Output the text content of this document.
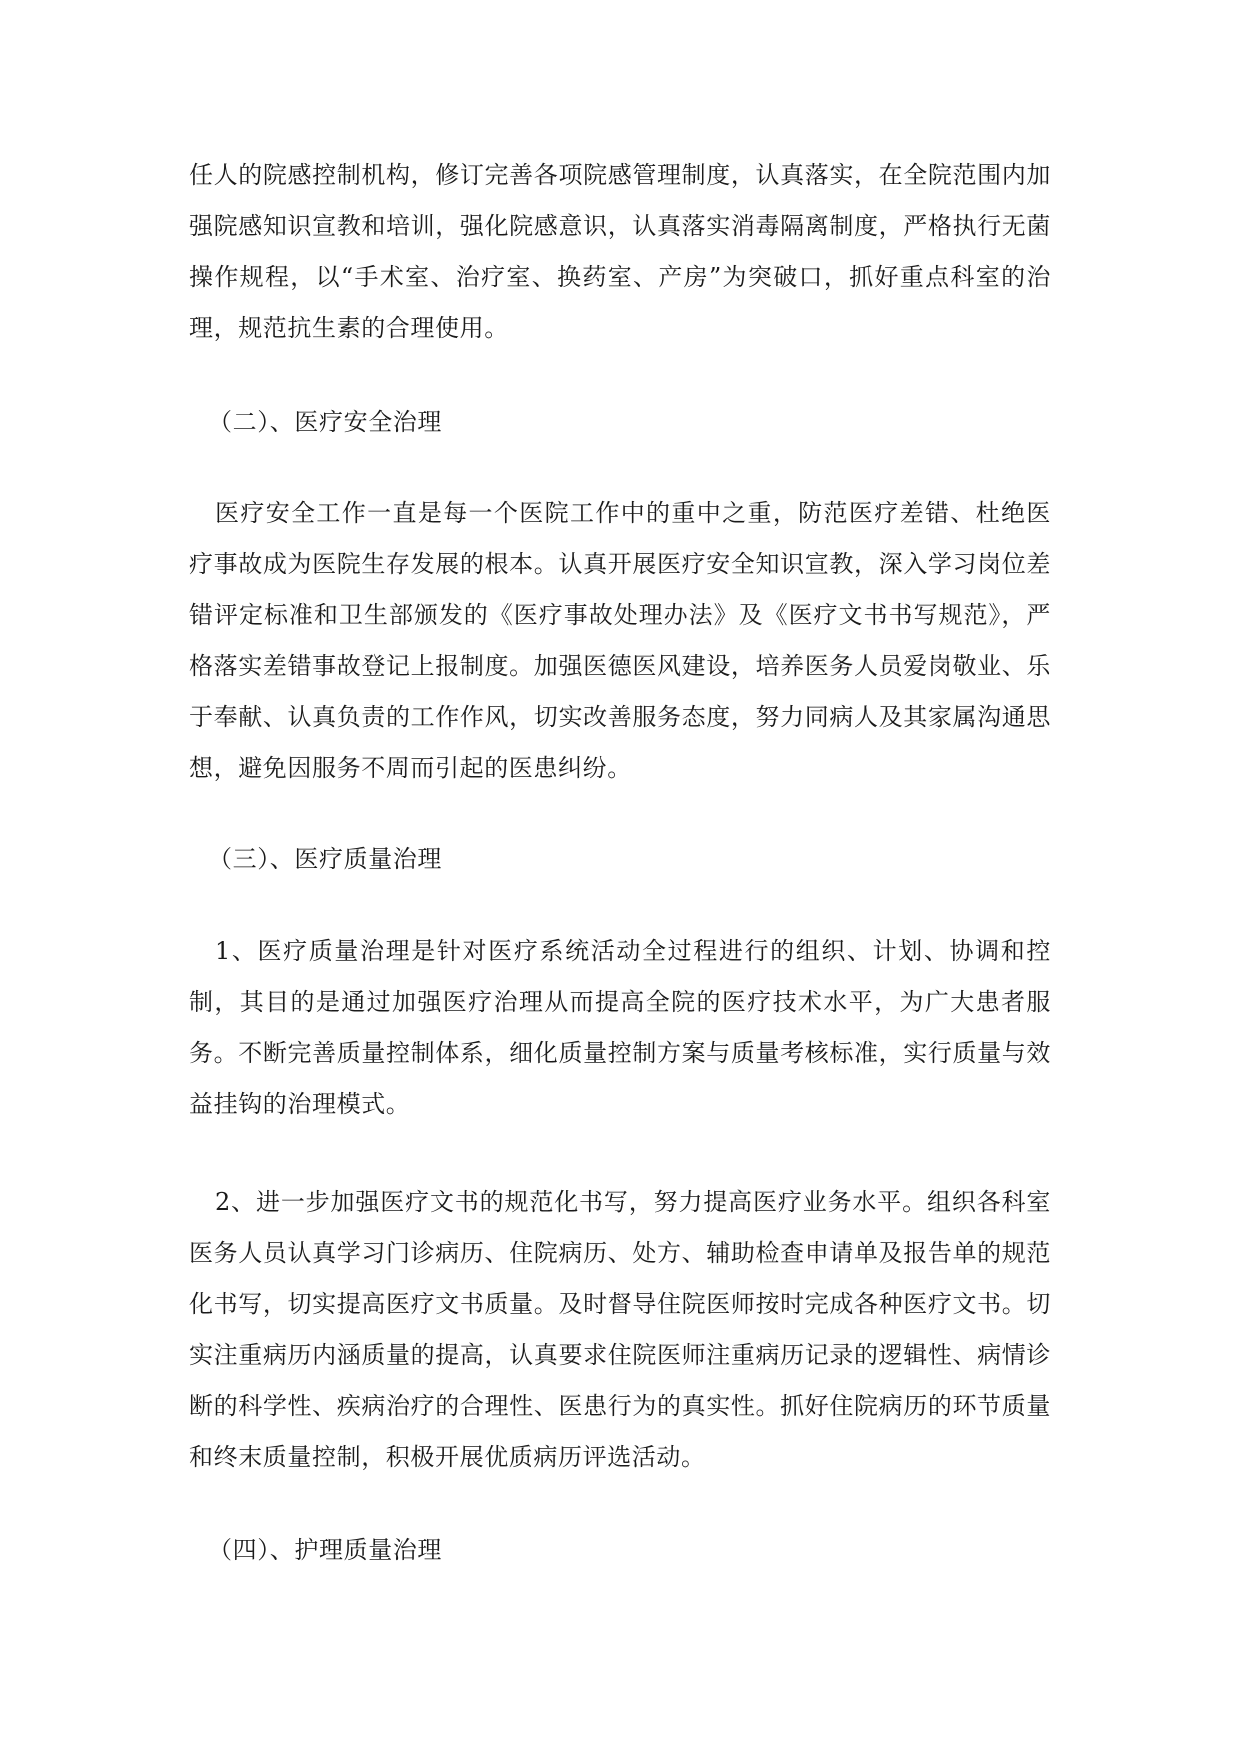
任人的院感控制机构，修订完善各项院感管理制度，认真落实，在全院范围内加强院感知识宣教和培训，强化院感意识，认真落实消毒隔离制度，严格执行无菌操作规程，以“手术室、治疗室、换药室、产房”为突破口，抓好重点科室的治理，规范抗生素的合理使用。

（二）、医疗安全治理

医疗安全工作一直是每一个医院工作中的重中之重，防范医疗差错、杜绝医疗事故成为医院生存发展的根本。认真开展医疗安全知识宣教，深入学习岗位差错评定标准和卫生部颁发的《医疗事故处理办法》及《医疗文书书写规范》，严格落实差错事故登记上报制度。加强医德医风建设，培养医务人员爱岗敬业、乐于奉献、认真负责的工作作风，切实改善服务态度，努力同病人及其家属沟通思想，避免因服务不周而引起的医患纠纷。

（三）、医疗质量治理

1、医疗质量治理是针对医疗系统活动全过程进行的组织、计划、协调和控制，其目的是通过加强医疗治理从而提高全院的医疗技术水平，为广大患者服务。不断完善质量控制体系，细化质量控制方案与质量考核标准，实行质量与效益挂钩的治理模式。

2、进一步加强医疗文书的规范化书写，努力提高医疗业务水平。组织各科室医务人员认真学习门诊病历、住院病历、处方、辅助检查申请单及报告单的规范化书写，切实提高医疗文书质量。及时督导住院医师按时完成各种医疗文书。切实注重病历内涵质量的提高，认真要求住院医师注重病历记录的逻辑性、病情诊断的科学性、疾病治疗的合理性、医患行为的真实性。抓好住院病历的环节质量和终末质量控制，积极开展优质病历评选活动。

（四）、护理质量治理
